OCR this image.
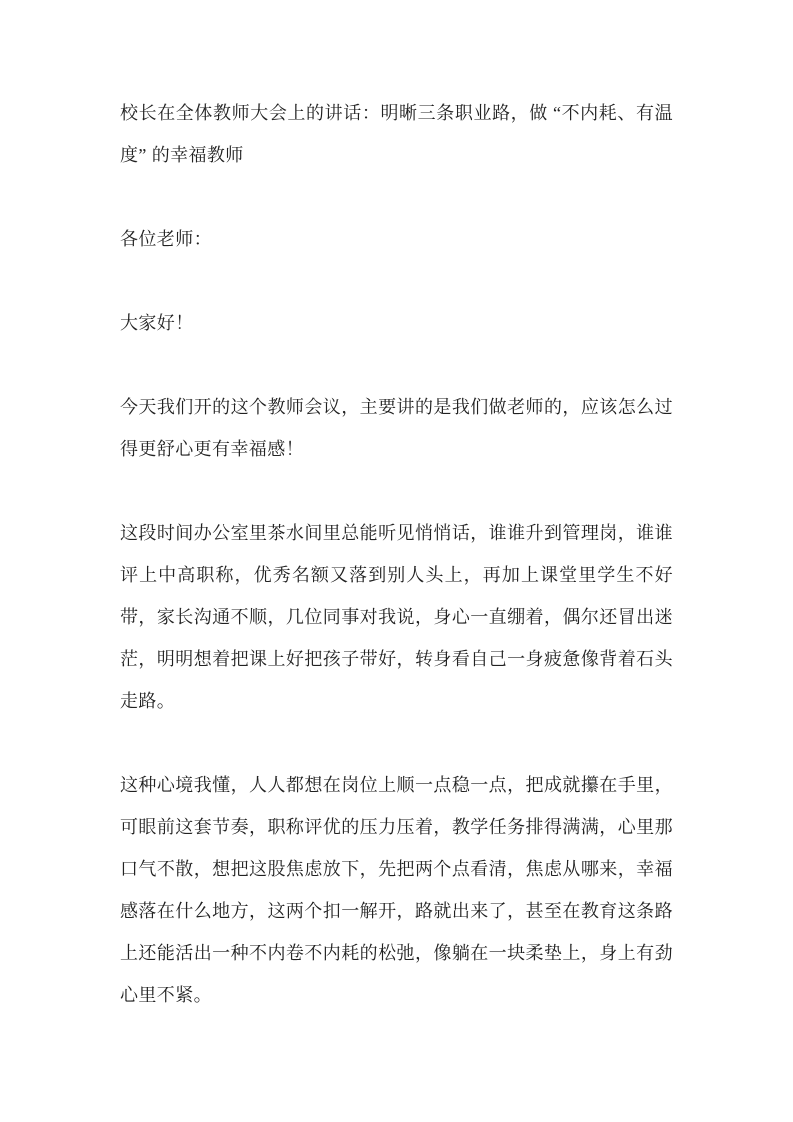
校长在全体教师大会上的讲话：明晰三条职业路，做 “不内耗、有温度” 的幸福教师

各位老师：

大家好！

今天我们开的这个教师会议，主要讲的是我们做老师的，应该怎么过得更舒心更有幸福感！

这段时间办公室里茶水间里总能听见悄悄话，谁谁升到管理岗，谁谁评上中高职称，优秀名额又落到别人头上，再加上课堂里学生不好带，家长沟通不顺，几位同事对我说，身心一直绷着，偶尔还冒出迷茫，明明想着把课上好把孩子带好，转身看自己一身疲惫像背着石头走路。

这种心境我懂，人人都想在岗位上顺一点稳一点，把成就攥在手里，可眼前这套节奏，职称评优的压力压着，教学任务排得满满，心里那口气不散，想把这股焦虑放下，先把两个点看清，焦虑从哪来，幸福感落在什么地方，这两个扣一解开，路就出来了，甚至在教育这条路上还能活出一种不内卷不内耗的松弛，像躺在一块柔垫上，身上有劲心里不紧。
